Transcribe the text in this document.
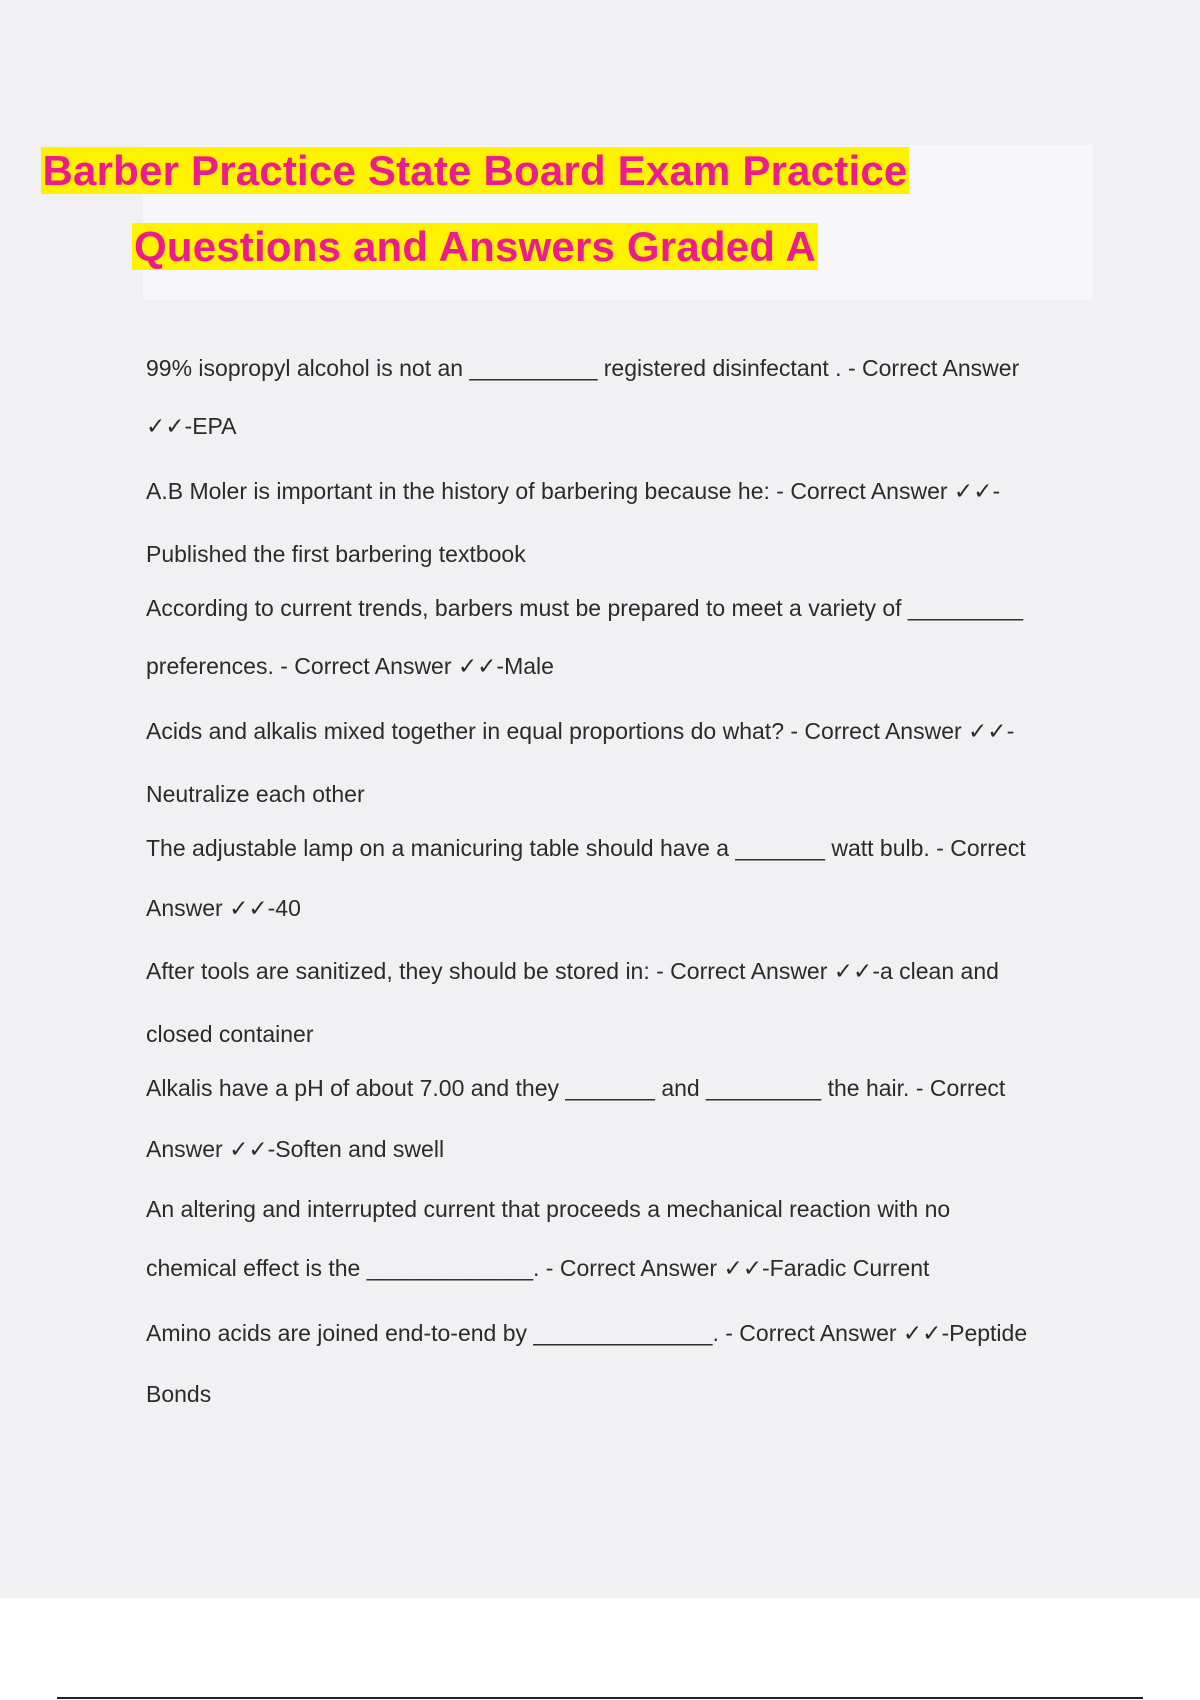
Barber Practice State Board Exam Practice
Questions and Answers Graded A
99% isopropyl alcohol is not an __________ registered disinfectant . - Correct Answer
✓✓-EPA
A.B Moler is important in the history of barbering because he: - Correct Answer ✓✓-
Published the first barbering textbook
According to current trends, barbers must be prepared to meet a variety of _________
preferences. - Correct Answer ✓✓-Male
Acids and alkalis mixed together in equal proportions do what? - Correct Answer ✓✓-
Neutralize each other
The adjustable lamp on a manicuring table should have a _______ watt bulb. - Correct
Answer ✓✓-40
After tools are sanitized, they should be stored in: - Correct Answer ✓✓-a clean and
closed container
Alkalis have a pH of about 7.00 and they _______ and _________ the hair. - Correct
Answer ✓✓-Soften and swell
An altering and interrupted current that proceeds a mechanical reaction with no
chemical effect is the _____________. - Correct Answer ✓✓-Faradic Current
Amino acids are joined end-to-end by ______________. - Correct Answer ✓✓-Peptide
Bonds
